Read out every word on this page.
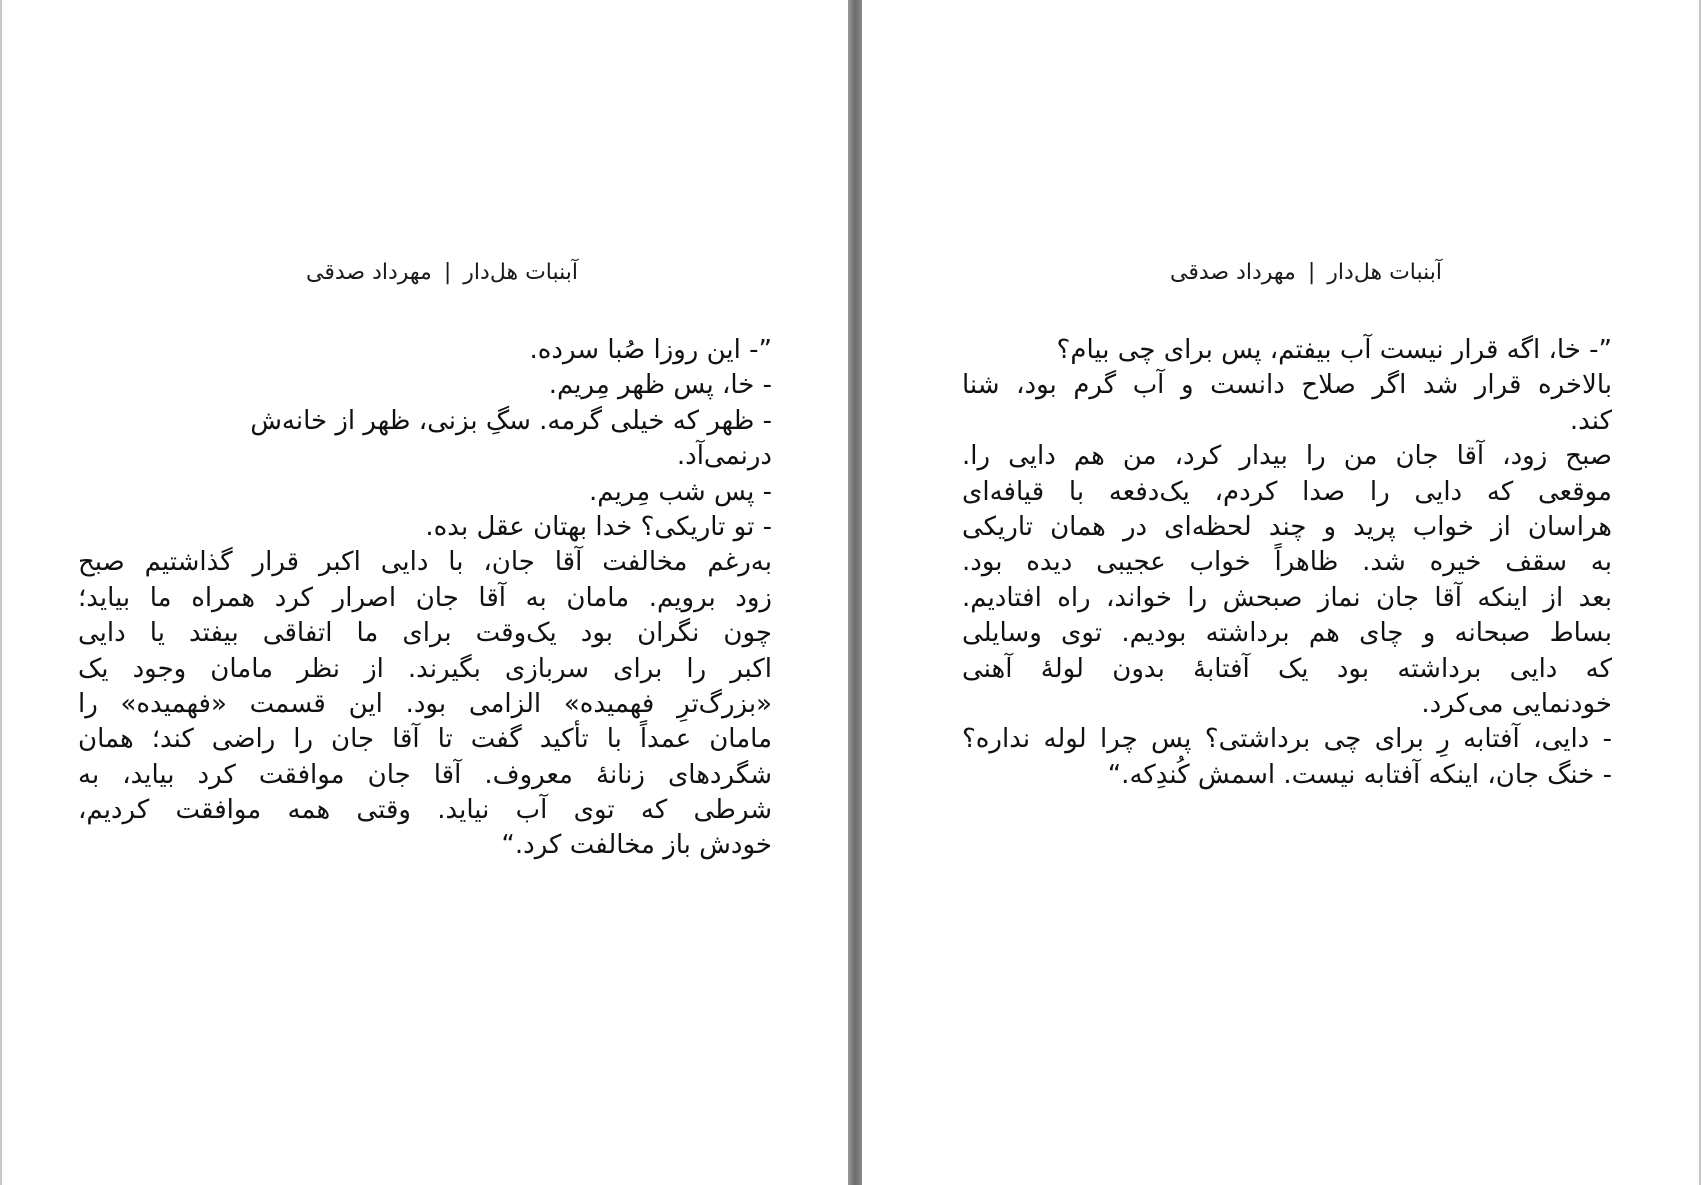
آبنبات هل‌دار|مهرداد صدقی
”- این روزا صُبا سرده.
- خا، پس ظهر مِریم.
- ظهر که خیلی گرمه. سگِ بزنی، ظهر از خانه‌ش
درنمی‌آد.
- پس شب مِریم.
- تو تاریکی؟ خدا بهتان عقل بده.
به‌رغم مخالفت آقا جان، با دایی اکبر قرار گذاشتیم صبح
زود برویم. مامان به آقا جان اصرار کرد همراه ما بیاید؛
چون نگران بود یک‌وقت برای ما اتفاقی بیفتد یا دایی
اکبر را برای سربازی بگیرند. از نظر مامان وجود یک
«بزرگ‌ترِ فهمیده» الزامی بود. این قسمت «فهمیده» را
مامان عمداً با تأکید گفت تا آقا جان را راضی کند؛ همان
شگردهای زنانهٔ معروف. آقا جان موافقت کرد بیاید، به
شرطی که توی آب نیاید. وقتی همه موافقت کردیم،
خودش باز مخالفت کرد.“
آبنبات هل‌دار|مهرداد صدقی
”- خا، اگه قرار نیست آب بیفتم، پس برای چی بیام؟
بالاخره قرار شد اگر صلاح دانست و آب گرم بود، شنا
کند.
صبح زود، آقا جان من را بیدار کرد، من هم دایی را.
موقعی که دایی را صدا کردم، یک‌دفعه با قیافه‌ای
هراسان از خواب پرید و چند لحظه‌ای در همان تاریکی
به سقف خیره شد. ظاهراً خواب عجیبی دیده بود.
بعد از اینکه آقا جان نماز صبحش را خواند، راه افتادیم.
بساط صبحانه و چای هم برداشته بودیم. توی وسایلی
که دایی برداشته بود یک آفتابهٔ بدون لولهٔ آهنی
خودنمایی می‌کرد.
- دایی، آفتابه رِ برای چی برداشتی؟ پس چرا لوله نداره؟
- خنگ جان، اینکه آفتابه نیست. اسمش کُندِکه.“
